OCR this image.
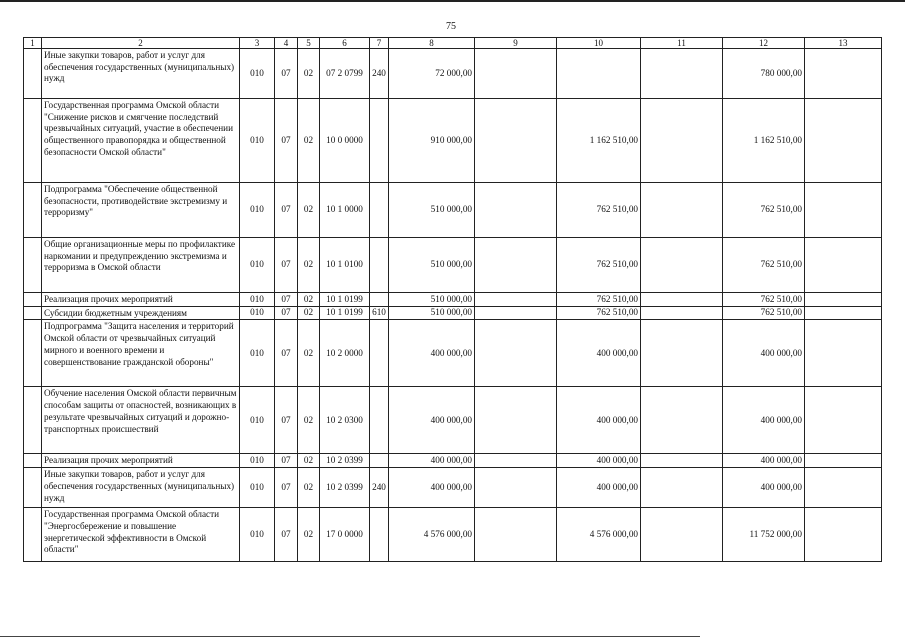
75
1	2	3	4	5	6	7	8	9	10	11	12	13
	Иные закупки товаров, работ и услуг для обеспечения государственных (муниципальных) нужд	010	07	02	07 2 0799	240	72 000,00				780 000,00	
	Государственная программа Омской области "Снижение рисков и смягчение последствий чрезвычайных ситуаций, участие в обеспечении общественного правопорядка и общественной безопасности Омской области"	010	07	02	10 0 0000		910 000,00		1 162 510,00		1 162 510,00	
	Подпрограмма "Обеспечение общественной безопасности, противодействие экстремизму и терроризму"	010	07	02	10 1 0000		510 000,00		762 510,00		762 510,00	
	Общие организационные меры по профилактике наркомании и предупреждению экстремизма и терроризма в Омской области	010	07	02	10 1 0100		510 000,00		762 510,00		762 510,00	
	Реализация прочих мероприятий	010	07	02	10 1 0199		510 000,00		762 510,00		762 510,00	
	Субсидии бюджетным учреждениям	010	07	02	10 1 0199	610	510 000,00		762 510,00		762 510,00	
	Подпрограмма "Защита населения и территорий Омской области от чрезвычайных ситуаций мирного и военного времени и совершенствование гражданской обороны"	010	07	02	10 2 0000		400 000,00		400 000,00		400 000,00	
	Обучение населения Омской области первичным способам защиты от опасностей, возникающих в результате чрезвычайных ситуаций и дорожно-транспортных происшествий	010	07	02	10 2 0300		400 000,00		400 000,00		400 000,00	
	Реализация прочих мероприятий	010	07	02	10 2 0399		400 000,00		400 000,00		400 000,00	
	Иные закупки товаров, работ и услуг для обеспечения государственных (муниципальных) нужд	010	07	02	10 2 0399	240	400 000,00		400 000,00		400 000,00	
	Государственная программа Омской области "Энергосбережение и повышение энергетической эффективности в Омской области"	010	07	02	17 0 0000		4 576 000,00		4 576 000,00		11 752 000,00	
